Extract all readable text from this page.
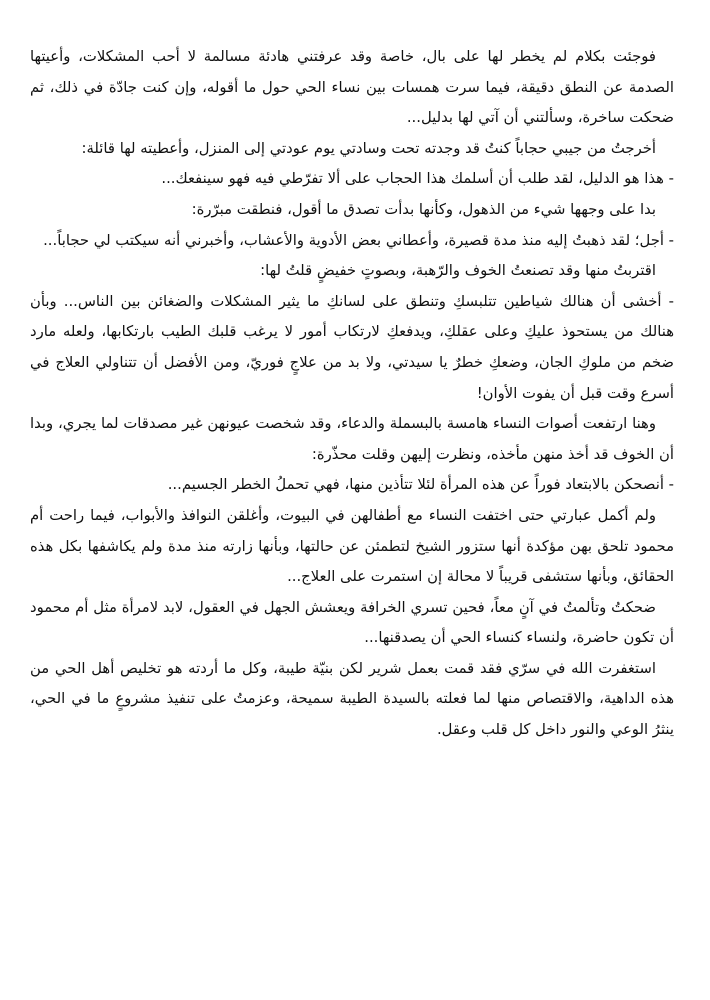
فوجئت بكلام لم يخطر لها على بال، خاصة وقد عرفتني هادئة مسالمة لا أحب المشكلات، وأعيتها الصدمة عن النطق دقيقة، فيما سرت همسات بين نساء الحي حول ما أقوله، وإن كنت جادّة في ذلك، ثم ضحكت ساخرة، وسألتني أن آتي لها بدليل...

أخرجتُ من جيبي حجاباً كنتُ قد وجدته تحت وسادتي يوم عودتي إلى المنزل، وأعطيته لها قائلة:

- هذا هو الدليل، لقد طلب أن أسلمك هذا الحجاب على ألا تفرّطي فيه فهو سينفعك...

بدا على وجهها شيء من الذهول، وكأنها بدأت تصدق ما أقول، فنطقت مبرّرة:

- أجل؛ لقد ذهبتُ إليه منذ مدة قصيرة، وأعطاني بعض الأدوية والأعشاب، وأخبرني أنه سيكتب لي حجاباً...

اقتربتُ منها وقد تصنعتُ الخوف والرّهبة، وبصوتٍ خفيضٍ قلتُ لها:

- أخشى أن هنالك شياطين تتلبسكِ وتنطق على لسانكِ ما يثير المشكلات والضغائن بين الناس... وبأن هنالك من يستحوذ عليكِ وعلى عقلكِ، ويدفعكِ لارتكاب أمور لا يرغب قلبك الطيب بارتكابها، ولعله مارد ضخم من ملوكِ الجان، وضعكِ خطرٌ يا سيدتي، ولا بد من علاجٍ فوريّ، ومن الأفضل أن تتناولي العلاج في أسرع وقت قبل أن يفوت الأوان!

وهنا ارتفعت أصوات النساء هامسة بالبسملة والدعاء، وقد شخصت عيونهن غير مصدقات لما يجري، وبدا أن الخوف قد أخذ منهن مأخذه، ونظرت إليهن وقلت محذّرة:

- أنصحكن بالابتعاد فوراً عن هذه المرأة لئلا تتأذين منها، فهي تحملُ الخطر الجسيم...

ولم أكمل عبارتي حتى اختفت النساء مع أطفالهن في البيوت، وأغلقن النوافذ والأبواب، فيما راحت أم محمود تلحق بهن مؤكدة أنها ستزور الشيخ لتطمئن عن حالتها، وبأنها زارته منذ مدة ولم يكاشفها بكل هذه الحقائق، وبأنها ستشفى قريباً لا محالة إن استمرت على العلاج...

ضحكتُ وتألمتُ في آنٍ معاً، فحين تسري الخرافة ويعشش الجهل في العقول، لابد لامرأة مثل أم محمود أن تكون حاضرة، ولنساء كنساء الحي أن يصدقنها...

استغفرت الله في سرّي فقد قمت بعمل شرير لكن بنيّة طيبة، وكل ما أردته هو تخليص أهل الحي من هذه الداهية، والاقتصاص منها لما فعلته بالسيدة الطيبة سميحة، وعزمتُ على تنفيذ مشروعٍ ما في الحي، ينثرُ الوعي والنور داخل كل قلب وعقل.
